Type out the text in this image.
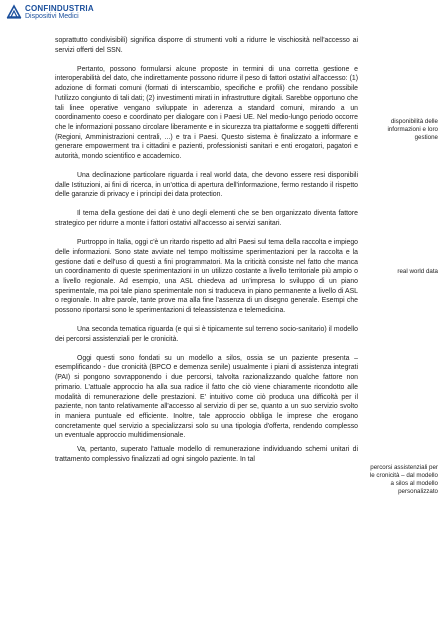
CONFINDUSTRIA
Dispositivi Medici

soprattutto condivisibili) significa disporre di strumenti volti a ridurre le vischiosità nell'accesso ai servizi offerti del SSN.

Pertanto, possono formularsi alcune proposte in termini di una corretta gestione e interoperabilità del dato, che indirettamente possono ridurre il peso di fattori ostativi all'accesso: (1) adozione di formati comuni (formati di interscambio, specifiche e profili) che rendano possibile l'utilizzo congiunto di tali dati; (2) investimenti mirati in infrastrutture digitali. Sarebbe opportuno che tali linee operative vengano sviluppate in aderenza a standard comuni, mirando a un coordinamento coeso e coordinato per dialogare con i Paesi UE. Nel medio-lungo periodo occorre che le informazioni possano circolare liberamente e in sicurezza tra piattaforme e soggetti differenti (Regioni, Amministrazioni centrali, ...) e tra i Paesi. Questo sistema è finalizzato a informare e generare empowerment tra i cittadini e pazienti, professionisti sanitari e enti erogatori, pagatori e autorità, mondo scientifico e accademico.

Una declinazione particolare riguarda i real world data, che devono essere resi disponibili dalle Istituzioni, ai fini di ricerca, in un'ottica di apertura dell'informazione, fermo restando il rispetto delle garanzie di privacy e i principi dei data protection.

Il tema della gestione dei dati è uno degli elementi che se ben organizzato diventa fattore strategico per ridurre a monte i fattori ostativi all'accesso ai servizi sanitari.

Purtroppo in Italia, oggi c'è un ritardo rispetto ad altri Paesi sul tema della raccolta e impiego delle informazioni. Sono state avviate nel tempo moltissime sperimentazioni per la raccolta e la gestione dati e dell'uso di questi a fini programmatori. Ma la criticità consiste nel fatto che manca un coordinamento di queste sperimentazioni in un utilizzo costante a livello territoriale più ampio o a livello regionale. Ad esempio, una ASL chiedeva ad un'impresa lo sviluppo di un piano sperimentale, ma poi tale piano sperimentale non si traduceva in piano permanente a livello di ASL o regionale. In altre parole, tante prove ma alla fine l'assenza di un disegno generale. Esempi che possono riportarsi sono le sperimentazioni di teleassistenza e telemedicina.

Una seconda tematica riguarda (e qui si è tipicamente sul terreno socio-sanitario) il modello dei percorsi assistenziali per le cronicità.

Oggi questi sono fondati su un modello a silos, ossia se un paziente presenta – esemplificando - due cronicità (BPCO e demenza senile) usualmente i piani di assistenza integrati (PAI) si pongono sovrapponendo i due percorsi, talvolta razionalizzando qualche fattore non primario. L'attuale approccio ha alla sua radice il fatto che ciò viene chiaramente ricondotto alle modalità di remunerazione delle prestazioni. E' intuitivo come ciò produca una difficoltà per il paziente, non tanto relativamente all'accesso al servizio di per se, quanto a un suo servizio svolto in maniera puntuale ed efficiente. Inoltre, tale approccio obbliga le imprese che erogano concretamente quel servizio a specializzarsi solo su una tipologia d'offerta, rendendo complesso un eventuale approccio multidimensionale.

Va, pertanto, superato l'attuale modello di remunerazione individuando schemi unitari di trattamento complessivo finalizzati ad ogni singolo paziente. In tal

disponibilità delle informazioni e loro gestione
real world data
percorsi assistenziali per le cronicità – dal modello a silos al modello personalizzato
